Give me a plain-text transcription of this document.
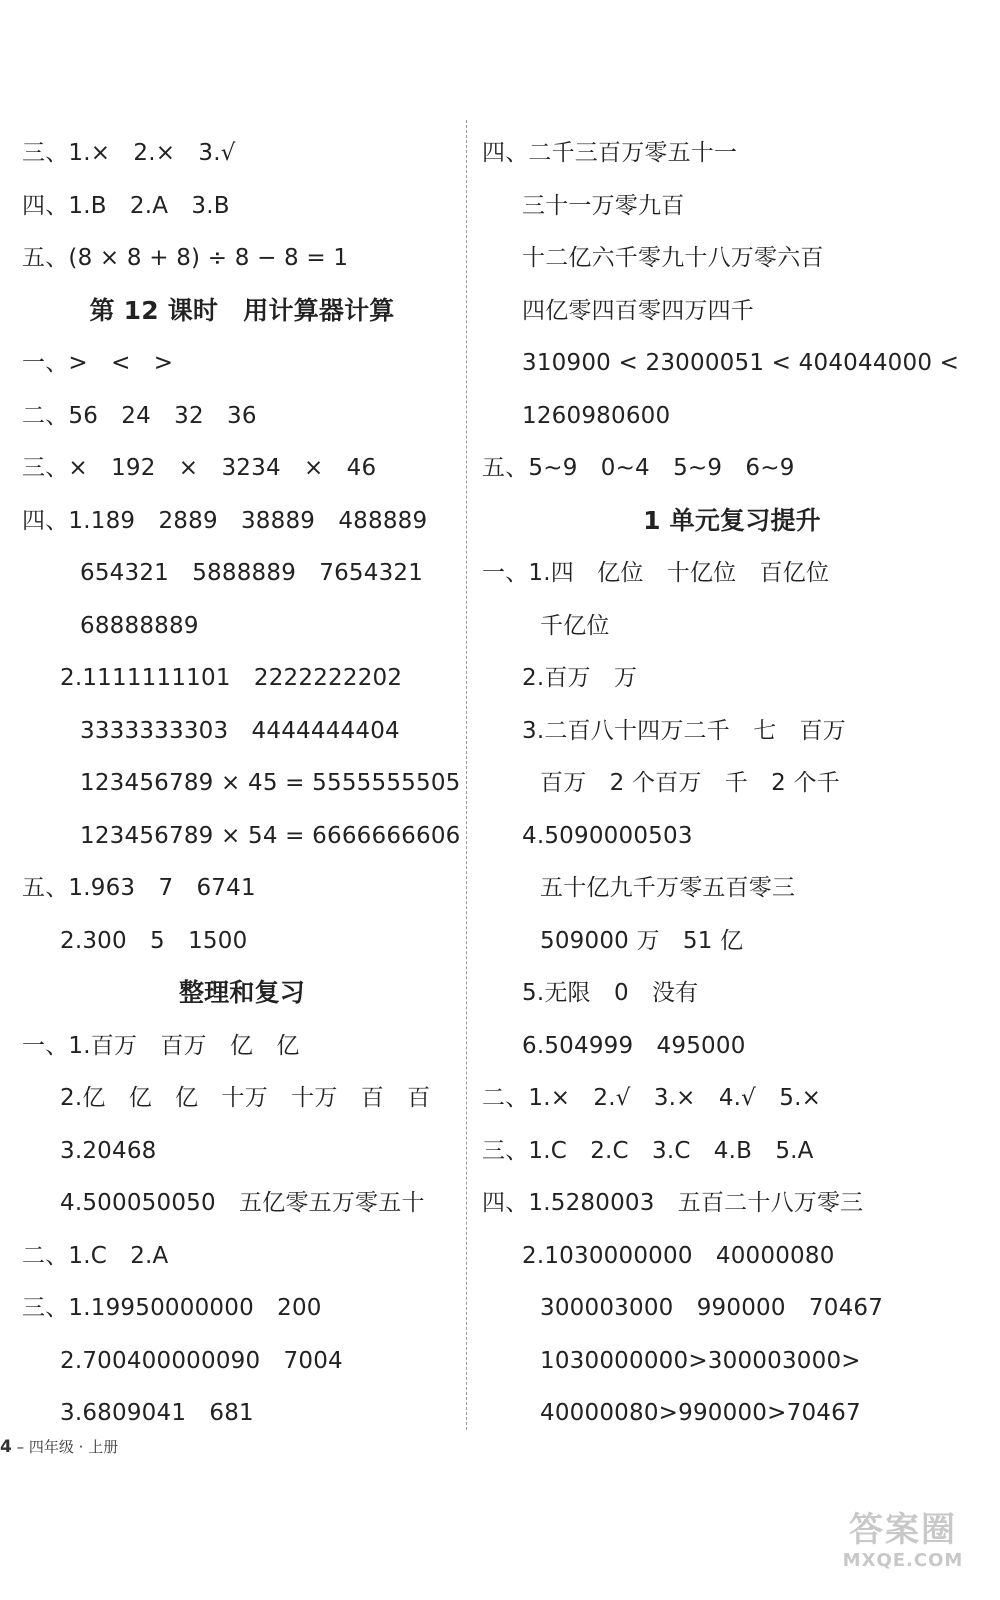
三、1.×　2.×　3.√
四、1.B　2.A　3.B
五、(8 × 8 + 8) ÷ 8 − 8 = 1
第 12 课时　用计算器计算
一、>　<　>
二、56　24　32　36
三、×　192　×　3234　×　46
四、1.189　2889　38889　488889
654321　5888889　7654321
68888889
2.1111111101　2222222202
3333333303　4444444404
123456789 × 45 = 5555555505
123456789 × 54 = 6666666606
五、1.963　7　6741
2.300　5　1500
整理和复习
一、1.百万　百万　亿　亿
2.亿　亿　亿　十万　十万　百　百
3.20468
4.500050050　五亿零五万零五十
二、1.C　2.A
三、1.19950000000　200
2.700400000090　7004
3.6809041　681
四、二千三百万零五十一
三十一万零九百
十二亿六千零九十八万零六百
四亿零四百零四万四千
310900 < 23000051 < 404044000 <
1260980600
五、5~9　0~4　5~9　6~9
1 单元复习提升
一、1.四　亿位　十亿位　百亿位
千亿位
2.百万　万
3.二百八十四万二千　七　百万
百万　2 个百万　千　2 个千
4.5090000503
五十亿九千万零五百零三
509000 万　51 亿
5.无限　0　没有
6.504999　495000
二、1.×　2.√　3.×　4.√　5.×
三、1.C　2.C　3.C　4.B　5.A
四、1.5280003　五百二十八万零三
2.1030000000　40000080
300003000　990000　70467
1030000000>300003000>
40000080>990000>70467
4 – 四年级 · 上册
答案圈
MXQE.COM
